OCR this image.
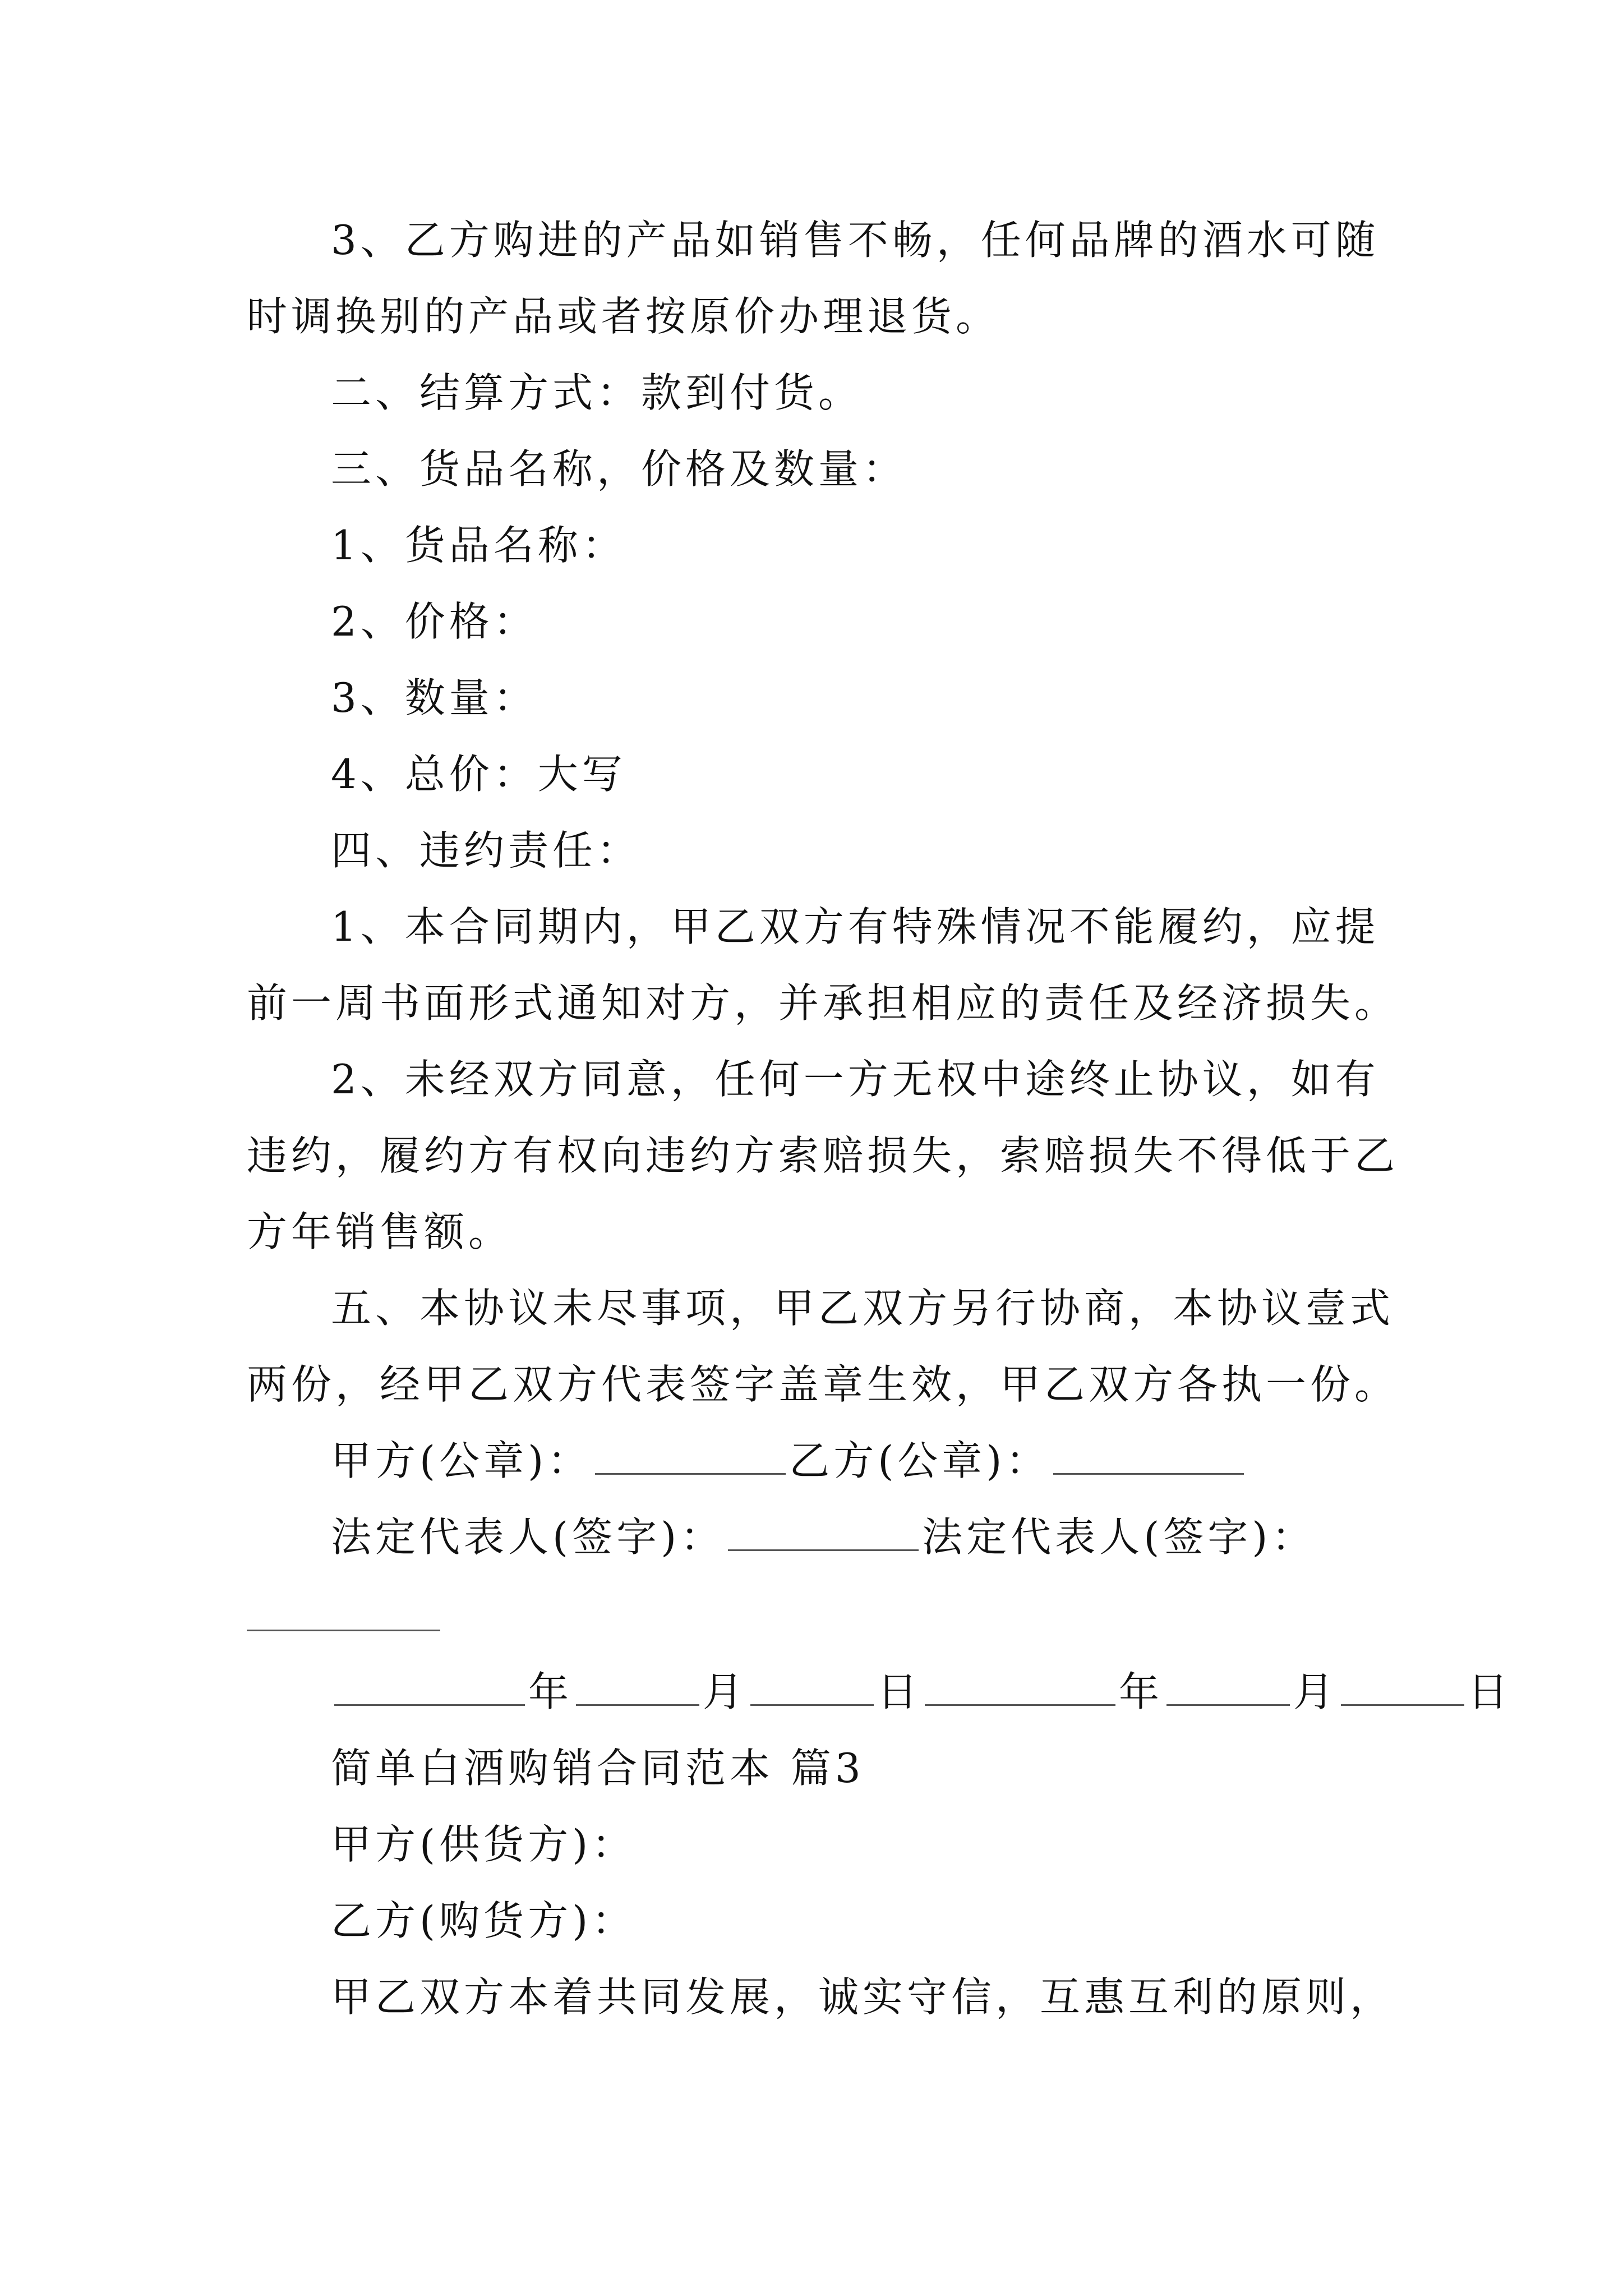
3、乙方购进的产品如销售不畅，任何品牌的酒水可随
时调换别的产品或者按原价办理退货。

二、结算方式：款到付货。

三、货品名称，价格及数量：

1、货品名称：

2、价格：

3、数量：

4、总价：大写

四、违约责任：

1、本合同期内，甲乙双方有特殊情况不能履约，应提
前一周书面形式通知对方，并承担相应的责任及经济损失。

2、未经双方同意，任何一方无权中途终止协议，如有
违约，履约方有权向违约方索赔损失，索赔损失不得低于乙
方年销售额。

五、本协议未尽事项，甲乙双方另行协商，本协议壹式
两份，经甲乙双方代表签字盖章生效，甲乙双方各执一份。

甲方(公章)：	乙方(公章)：
法定代表人(签字)：	法定代表人(签字)：
年	月	日	年	月	日

简单白酒购销合同范本 篇3

甲方(供货方)：

乙方(购货方)：

甲乙双方本着共同发展，诚实守信，互惠互利的原则，
